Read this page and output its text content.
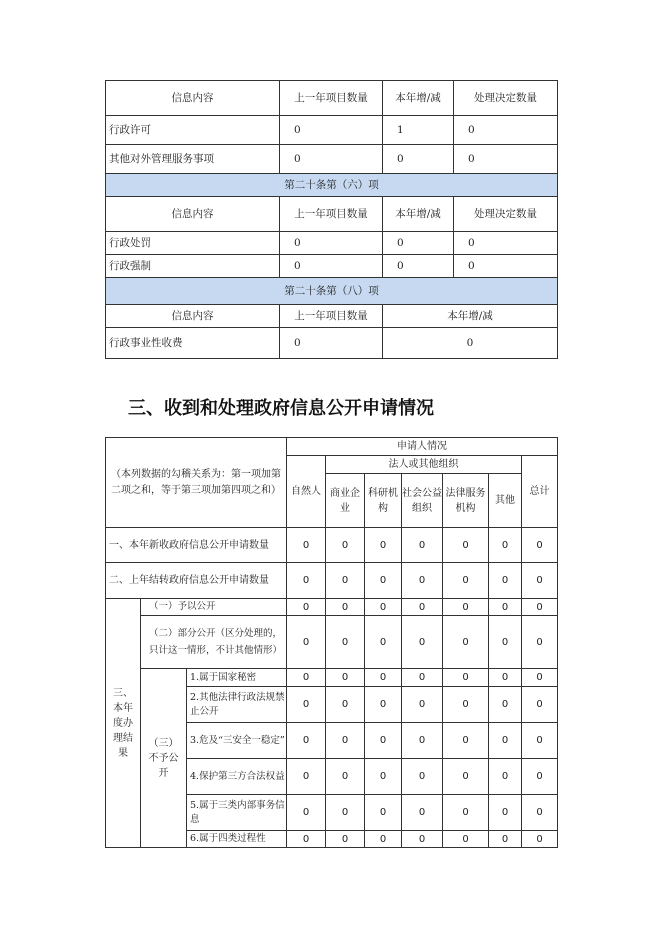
信息内容	上一年项目数量	本年增/减	处理决定数量
行政许可	0	1	0
其他对外管理服务事项	0	0	0
第二十条第（六）项			
信息内容	上一年项目数量	本年增/减	处理决定数量
行政处罚	0	0	0
行政强制	0	0	0
第二十条第（八）项			
信息内容	上一年项目数量	本年增/减	
行政事业性收费	0	0	
三、收到和处理政府信息公开申请情况
（本列数据的勾稽关系为：第一项加第二项之和，等于第三项加第四项之和）			申请人情况						
			自然人	法人或其他组织					总计
				商业企业	科研机构	社会公益组织	法律服务机构	其他	

一、本年新收政府信息公开申请数量			0	0	0	0	0	0	0
二、上年结转政府信息公开申请数量			0	0	0	0	0	0	0
三、本年度办理结果	（一）予以公开		0	0	0	0	0	0	0
	（二）部分公开（区分处理的，只计这一情形，不计其他情形）		0	0	0	0	0	0	0
	（三）不予公开	1.属于国家秘密	0	0	0	0	0	0	0
		2.其他法律行政法规禁止公开	0	0	0	0	0	0	0
		3.危及“三安全一稳定”	0	0	0	0	0	0	0
		4.保护第三方合法权益	0	0	0	0	0	0	0
		5.属于三类内部事务信息	0	0	0	0	0	0	0
		6.属于四类过程性	0	0	0	0	0	0	0
